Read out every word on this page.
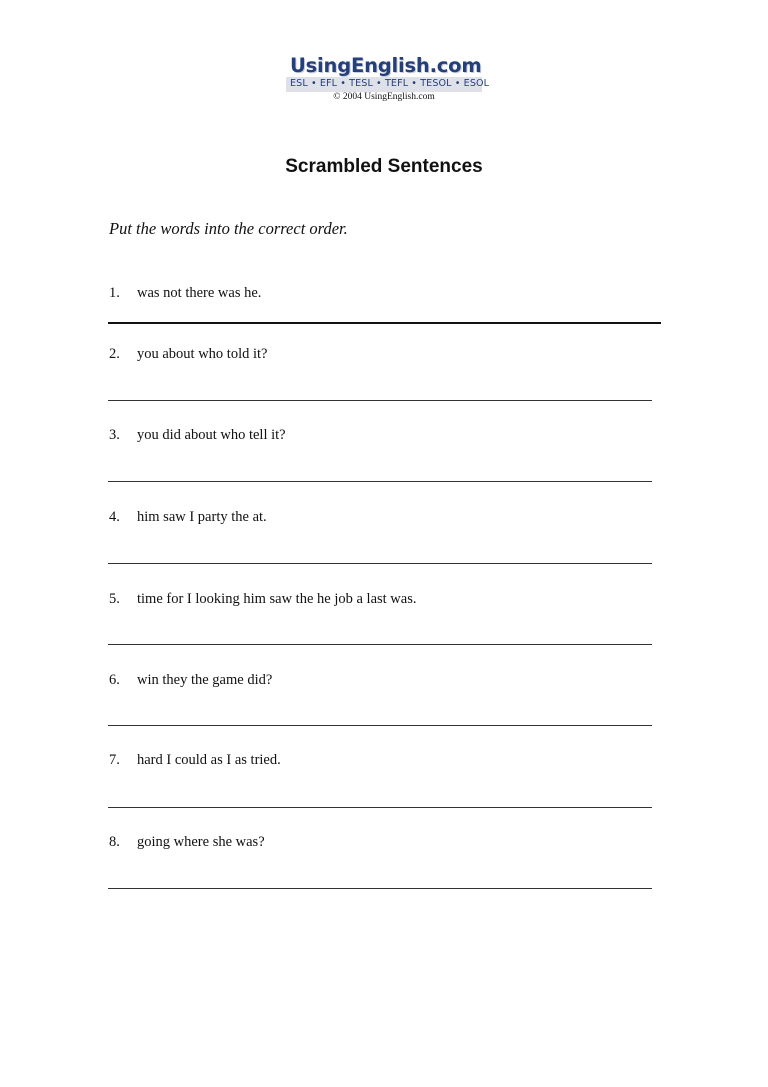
UsingEnglish.com
ESL • EFL • TESL • TEFL • TESOL • ESOL
© 2004 UsingEnglish.com
Scrambled Sentences
Put the words into the correct order.
1. was not there was he.
2. you about who told it?
3. you did about who tell it?
4. him saw I party the at.
5. time for I looking him saw the he job a last was.
6. win they the game did?
7. hard I could as I as tried.
8. going where she was?
